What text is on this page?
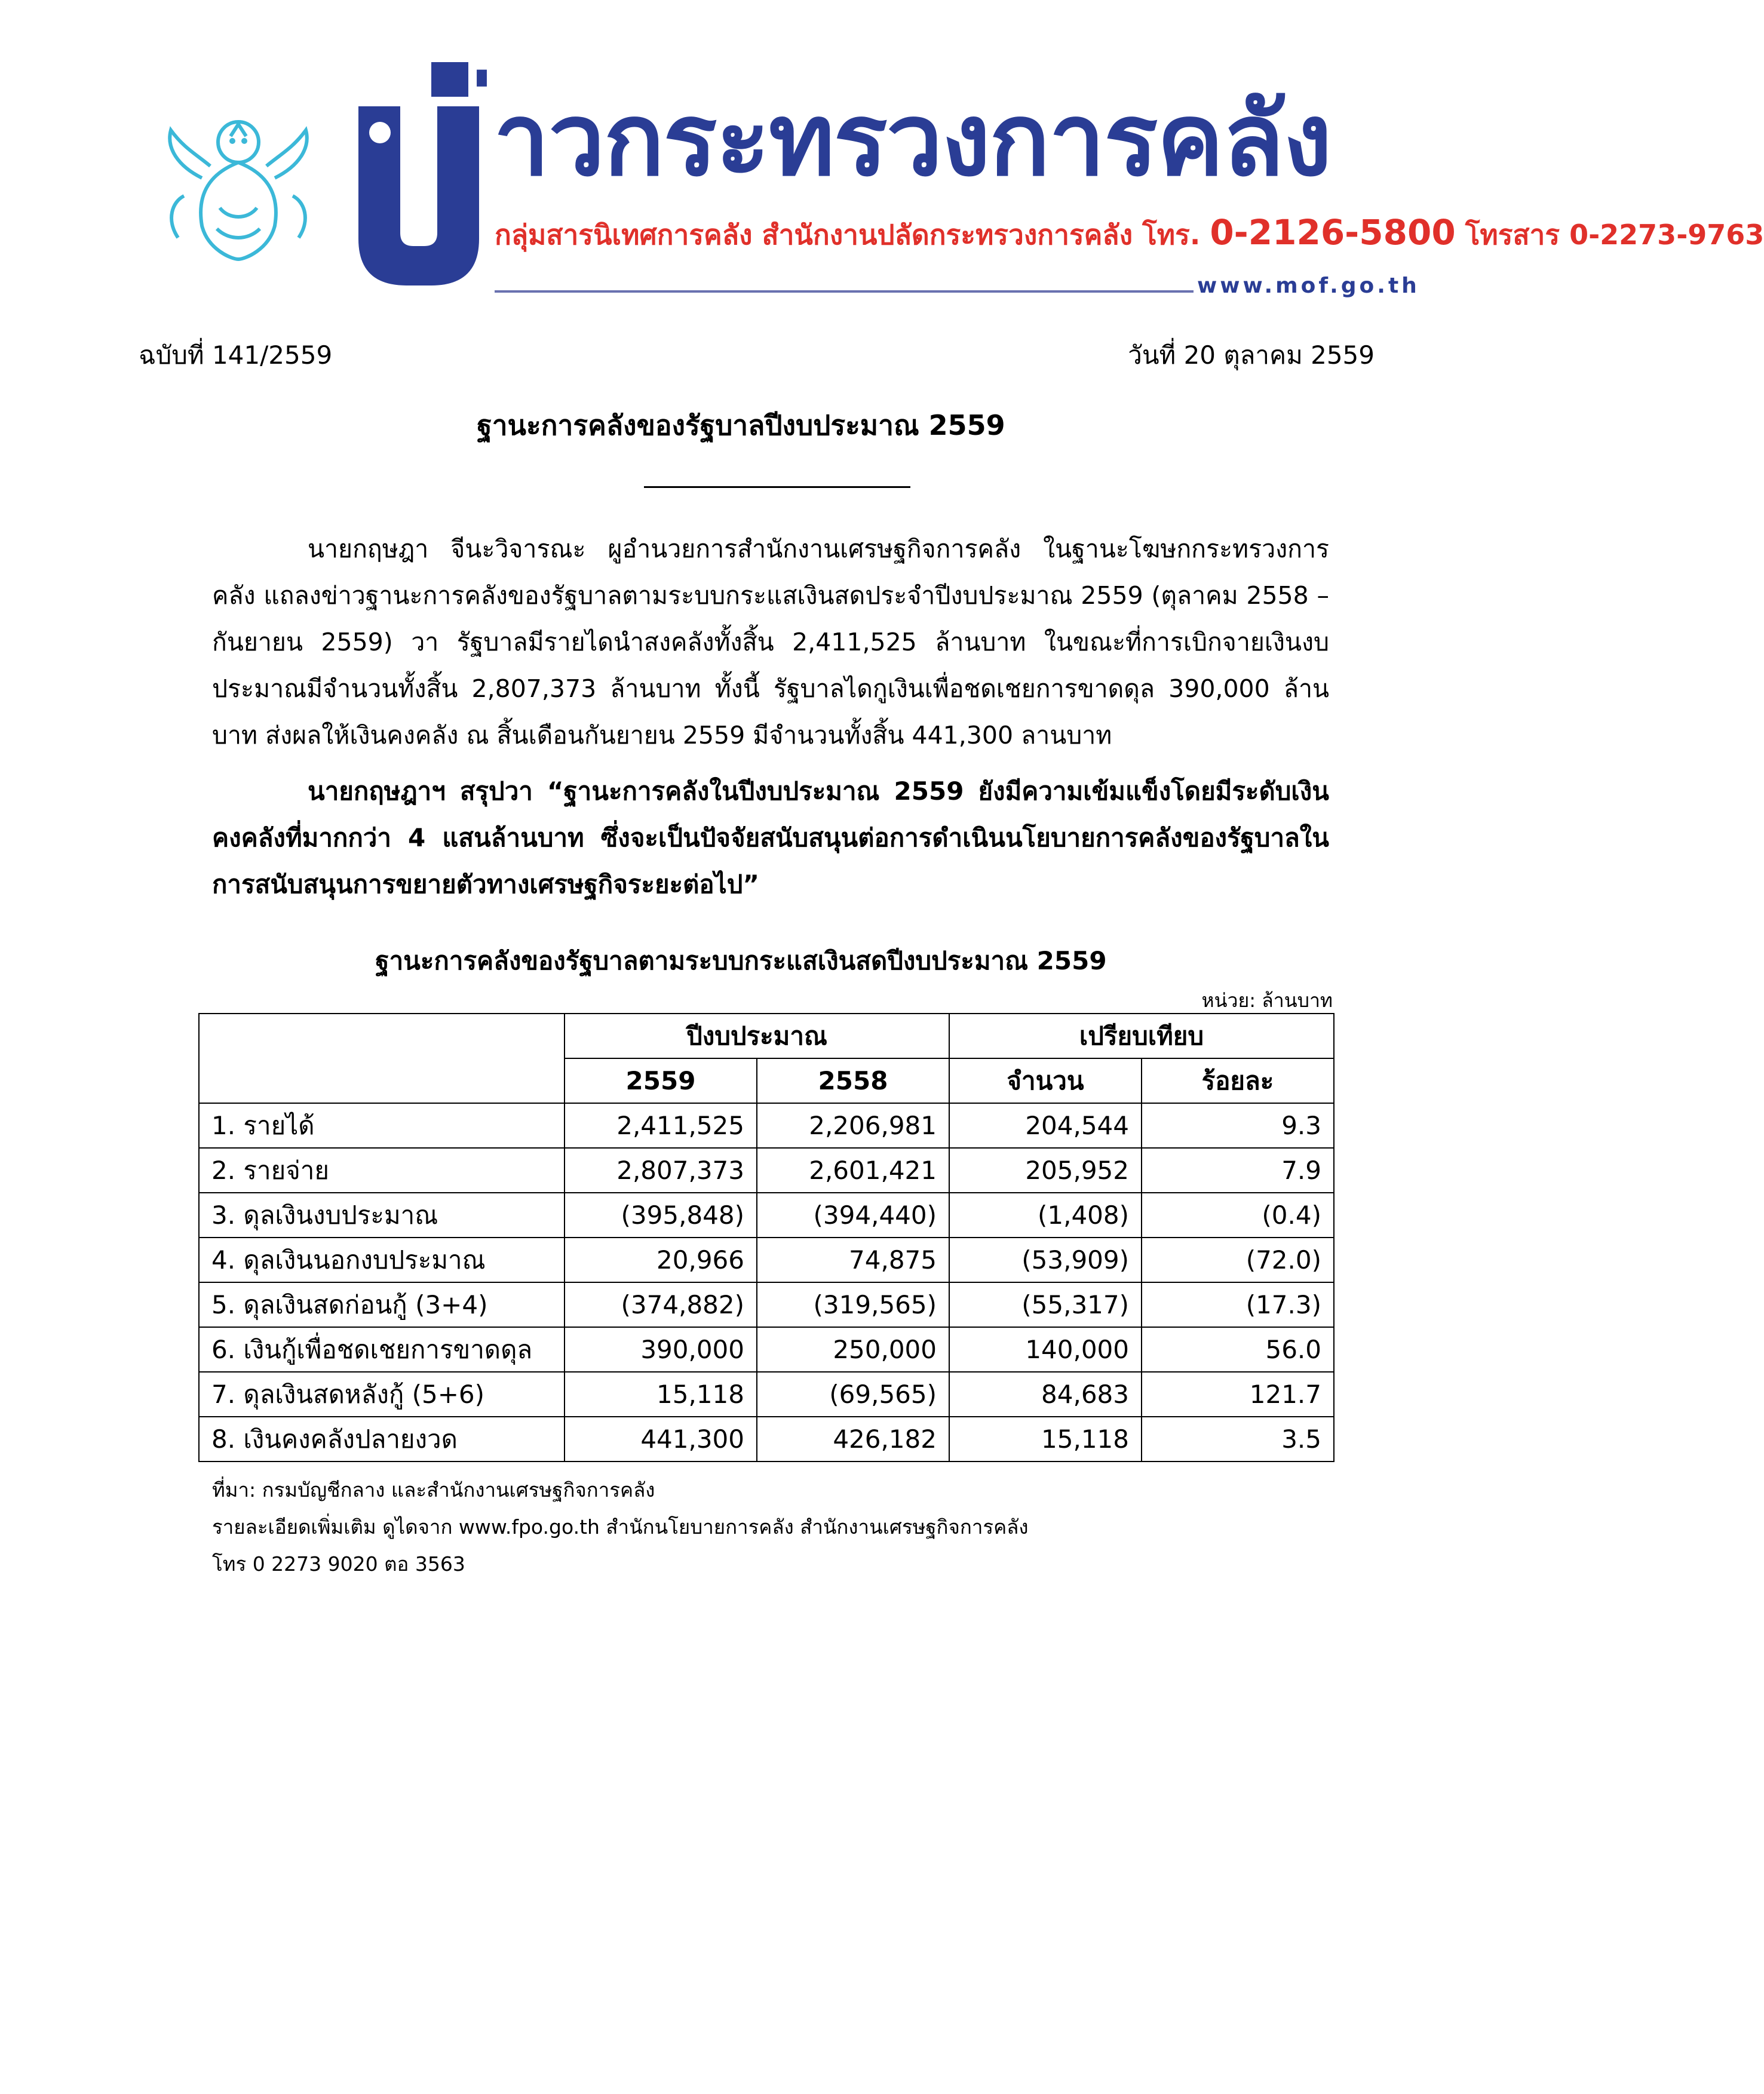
่าวกระทรวงการคลัง
กลุ่มสารนิเทศการคลัง สำนักงานปลัดกระทรวงการคลัง โทร. 0-2126-5800 โทรสาร 0-2273-9763
www.mof.go.th
ฉบับที่ 141/2559	วันที่ 20 ตุลาคม 2559
ฐานะการคลังของรัฐบาลปีงบประมาณ 2559

นายกฤษฎา จีนะวิจารณะ ผูอำนวยการสำนักงานเศรษฐกิจการคลัง ในฐานะโฆษกกระทรวงการคลัง แถลงข่าวฐานะการคลังของรัฐบาลตามระบบกระแสเงินสดประจำปีงบประมาณ 2559 (ตุลาคม 2558 – กันยายน 2559) วา รัฐบาลมีรายไดนำสงคลังทั้งสิ้น 2,411,525 ล้านบาท ในขณะที่การเบิกจายเงินงบประมาณมีจำนวนทั้งสิ้น 2,807,373 ล้านบาท ทั้งนี้ รัฐบาลไดกูเงินเพื่อชดเชยการขาดดุล 390,000 ล้านบาท ส่งผลให้เงินคงคลัง ณ สิ้นเดือนกันยายน 2559 มีจำนวนทั้งสิ้น 441,300 ลานบาท

นายกฤษฎาฯ สรุปวา “ฐานะการคลังในปีงบประมาณ 2559 ยังมีความเข้มแข็งโดยมีระดับเงินคงคลังที่มากกว่า 4 แสนล้านบาท ซึ่งจะเป็นปัจจัยสนับสนุนต่อการดำเนินนโยบายการคลังของรัฐบาลในการสนับสนุนการขยายตัวทางเศรษฐกิจระยะต่อไป”

ฐานะการคลังของรัฐบาลตามระบบกระแสเงินสดปีงบประมาณ 2559
หน่วย: ล้านบาท
	ปีงบประมาณ		เปรียบเทียบ	
	2559	2558	จำนวน	ร้อยละ
1. รายได้	2,411,525	2,206,981	204,544	9.3
2. รายจ่าย	2,807,373	2,601,421	205,952	7.9
3. ดุลเงินงบประมาณ	(395,848)	(394,440)	(1,408)	(0.4)
4. ดุลเงินนอกงบประมาณ	20,966	74,875	(53,909)	(72.0)
5. ดุลเงินสดก่อนกู้ (3+4)	(374,882)	(319,565)	(55,317)	(17.3)
6. เงินกู้เพื่อชดเชยการขาดดุล	390,000	250,000	140,000	56.0
7. ดุลเงินสดหลังกู้ (5+6)	15,118	(69,565)	84,683	121.7
8. เงินคงคลังปลายงวด	441,300	426,182	15,118	3.5
ที่มา: กรมบัญชีกลาง และสำนักงานเศรษฐกิจการคลัง
รายละเอียดเพิ่มเติม ดูไดจาก www.fpo.go.th สำนักนโยบายการคลัง สำนักงานเศรษฐกิจการคลัง
โทร 0 2273 9020 ตอ 3563
